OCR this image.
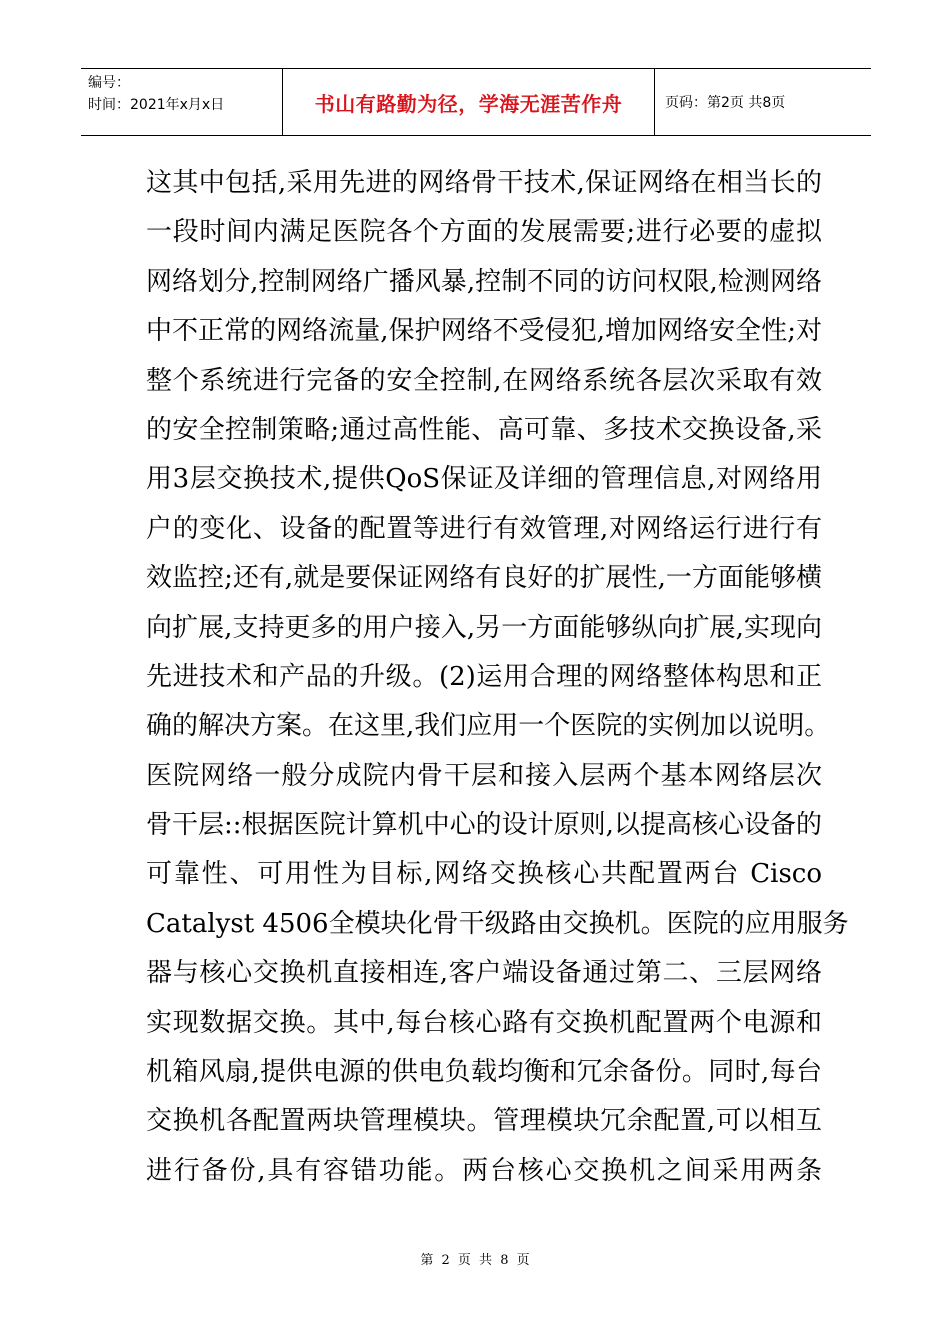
编号：
时间：2021年x月x日	书山有路勤为径，学海无涯苦作舟	页码：第2页 共8页
这其中包括,采用先进的网络骨干技术,保证网络在相当长的
一段时间内满足医院各个方面的发展需要;进行必要的虚拟
网络划分,控制网络广播风暴,控制不同的访问权限,检测网络
中不正常的网络流量,保护网络不受侵犯,增加网络安全性;对
整个系统进行完备的安全控制,在网络系统各层次采取有效
的安全控制策略;通过高性能、高可靠、多技术交换设备,采
用3层交换技术,提供QoS保证及详细的管理信息,对网络用
户的变化、设备的配置等进行有效管理,对网络运行进行有
效监控;还有,就是要保证网络有良好的扩展性,一方面能够横
向扩展,支持更多的用户接入,另一方面能够纵向扩展,实现向
先进技术和产品的升级。(2)运用合理的网络整体构思和正
确的解决方案。在这里,我们应用一个医院的实例加以说明。
医院网络一般分成院内骨干层和接入层两个基本网络层次
骨干层::根据医院计算机中心的设计原则,以提高核心设备的
可靠性、可用性为目标,网络交换核心共配置两台 Cisco
Catalyst 4506全模块化骨干级路由交换机。医院的应用服务
器与核心交换机直接相连,客户端设备通过第二、三层网络
实现数据交换。其中,每台核心路有交换机配置两个电源和
机箱风扇,提供电源的供电负载均衡和冗余备份。同时,每台
交换机各配置两块管理模块。管理模块冗余配置,可以相互
进行备份,具有容错功能。两台核心交换机之间采用两条
第 2 页 共 8 页
